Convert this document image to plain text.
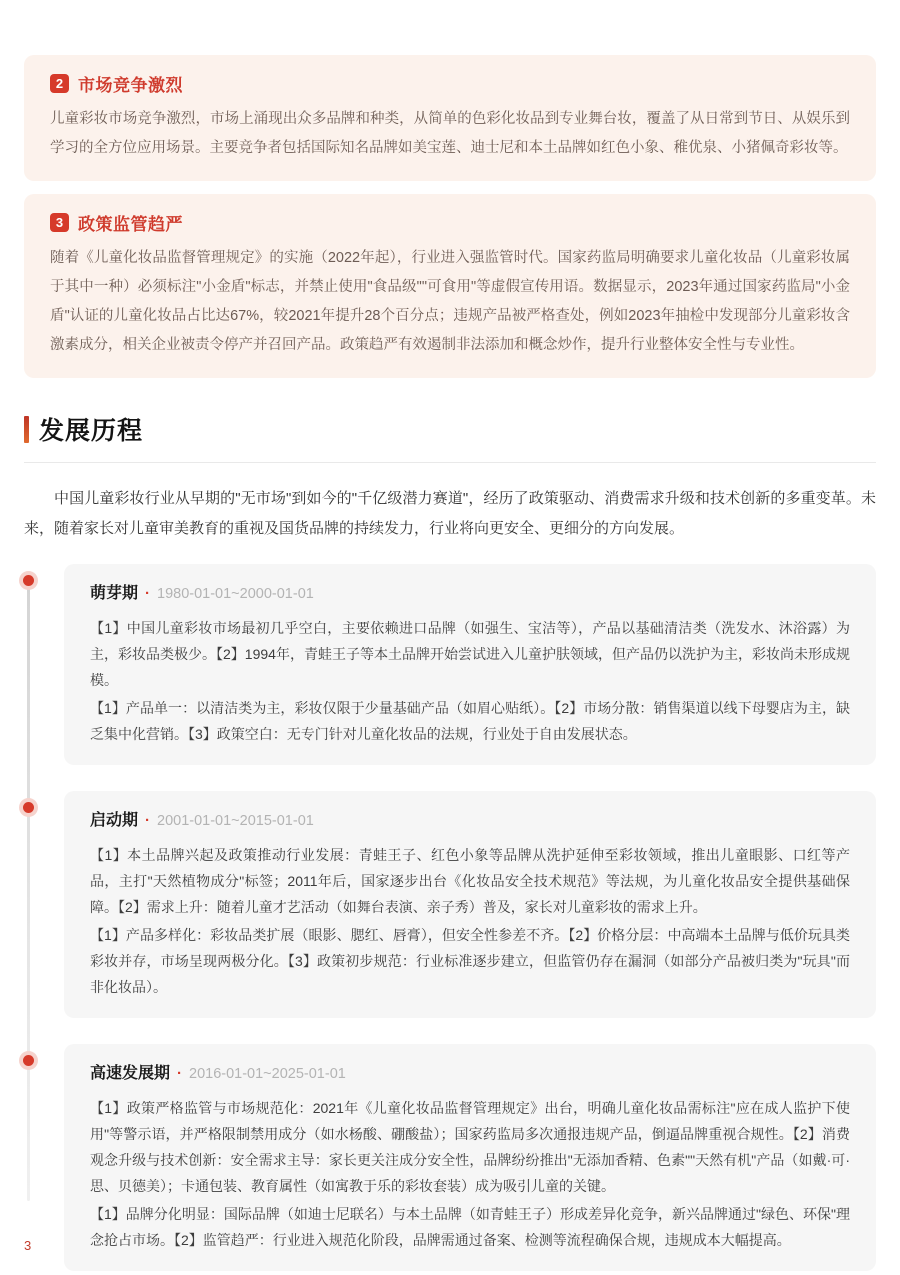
2 市场竞争激烈

儿童彩妆市场竞争激烈，市场上涌现出众多品牌和种类，从简单的色彩化妆品到专业舞台妆，覆盖了从日常到节日、从娱乐到学习的全方位应用场景。主要竞争者包括国际知名品牌如美宝莲、迪士尼和本土品牌如红色小象、稚优泉、小猪佩奇彩妆等。

3 政策监管趋严

随着《儿童化妆品监督管理规定》的实施（2022年起），行业进入强监管时代。国家药监局明确要求儿童化妆品（儿童彩妆属于其中一种）必须标注"小金盾"标志，并禁止使用"食品级""可食用"等虚假宣传用语。数据显示，2023年通过国家药监局"小金盾"认证的儿童化妆品占比达67%，较2021年提升28个百分点；违规产品被严格查处，例如2023年抽检中发现部分儿童彩妆含激素成分，相关企业被责令停产并召回产品。政策趋严有效遏制非法添加和概念炒作，提升行业整体安全性与专业性。

发展历程

中国儿童彩妆行业从早期的"无市场"到如今的"千亿级潜力赛道"，经历了政策驱动、消费需求升级和技术创新的多重变革。未来，随着家长对儿童审美教育的重视及国货品牌的持续发力，行业将向更安全、更细分的方向发展。

萌芽期 · 1980-01-01~2000-01-01

【1】中国儿童彩妆市场最初几乎空白，主要依赖进口品牌（如强生、宝洁等），产品以基础清洁类（洗发水、沐浴露）为主，彩妆品类极少。【2】1994年，青蛙王子等本土品牌开始尝试进入儿童护肤领域，但产品仍以洗护为主，彩妆尚未形成规模。

【1】产品单一：以清洁类为主，彩妆仅限于少量基础产品（如眉心贴纸）。【2】市场分散：销售渠道以线下母婴店为主，缺乏集中化营销。【3】政策空白：无专门针对儿童化妆品的法规，行业处于自由发展状态。

启动期 · 2001-01-01~2015-01-01

【1】本土品牌兴起及政策推动行业发展：青蛙王子、红色小象等品牌从洗护延伸至彩妆领域，推出儿童眼影、口红等产品，主打"天然植物成分"标签；2011年后，国家逐步出台《化妆品安全技术规范》等法规，为儿童化妆品安全提供基础保障。【2】需求上升：随着儿童才艺活动（如舞台表演、亲子秀）普及，家长对儿童彩妆的需求上升。

【1】产品多样化：彩妆品类扩展（眼影、腮红、唇膏），但安全性参差不齐。【2】价格分层：中高端本土品牌与低价玩具类彩妆并存，市场呈现两极分化。【3】政策初步规范：行业标准逐步建立，但监管仍存在漏洞（如部分产品被归类为"玩具"而非化妆品）。

高速发展期 · 2016-01-01~2025-01-01

【1】政策严格监管与市场规范化：2021年《儿童化妆品监督管理规定》出台，明确儿童化妆品需标注"应在成人监护下使用"等警示语，并严格限制禁用成分（如水杨酸、硼酸盐）；国家药监局多次通报违规产品，倒逼品牌重视合规性。【2】消费观念升级与技术创新：安全需求主导：家长更关注成分安全性，品牌纷纷推出"无添加香精、色素""天然有机"产品（如戴·可·思、贝德美）；卡通包装、教育属性（如寓教于乐的彩妆套装）成为吸引儿童的关键。

【1】品牌分化明显：国际品牌（如迪士尼联名）与本土品牌（如青蛙王子）形成差异化竞争，新兴品牌通过"绿色、环保"理念抢占市场。【2】监管趋严：行业进入规范化阶段，品牌需通过备案、检测等流程确保合规，违规成本大幅提高。

3
